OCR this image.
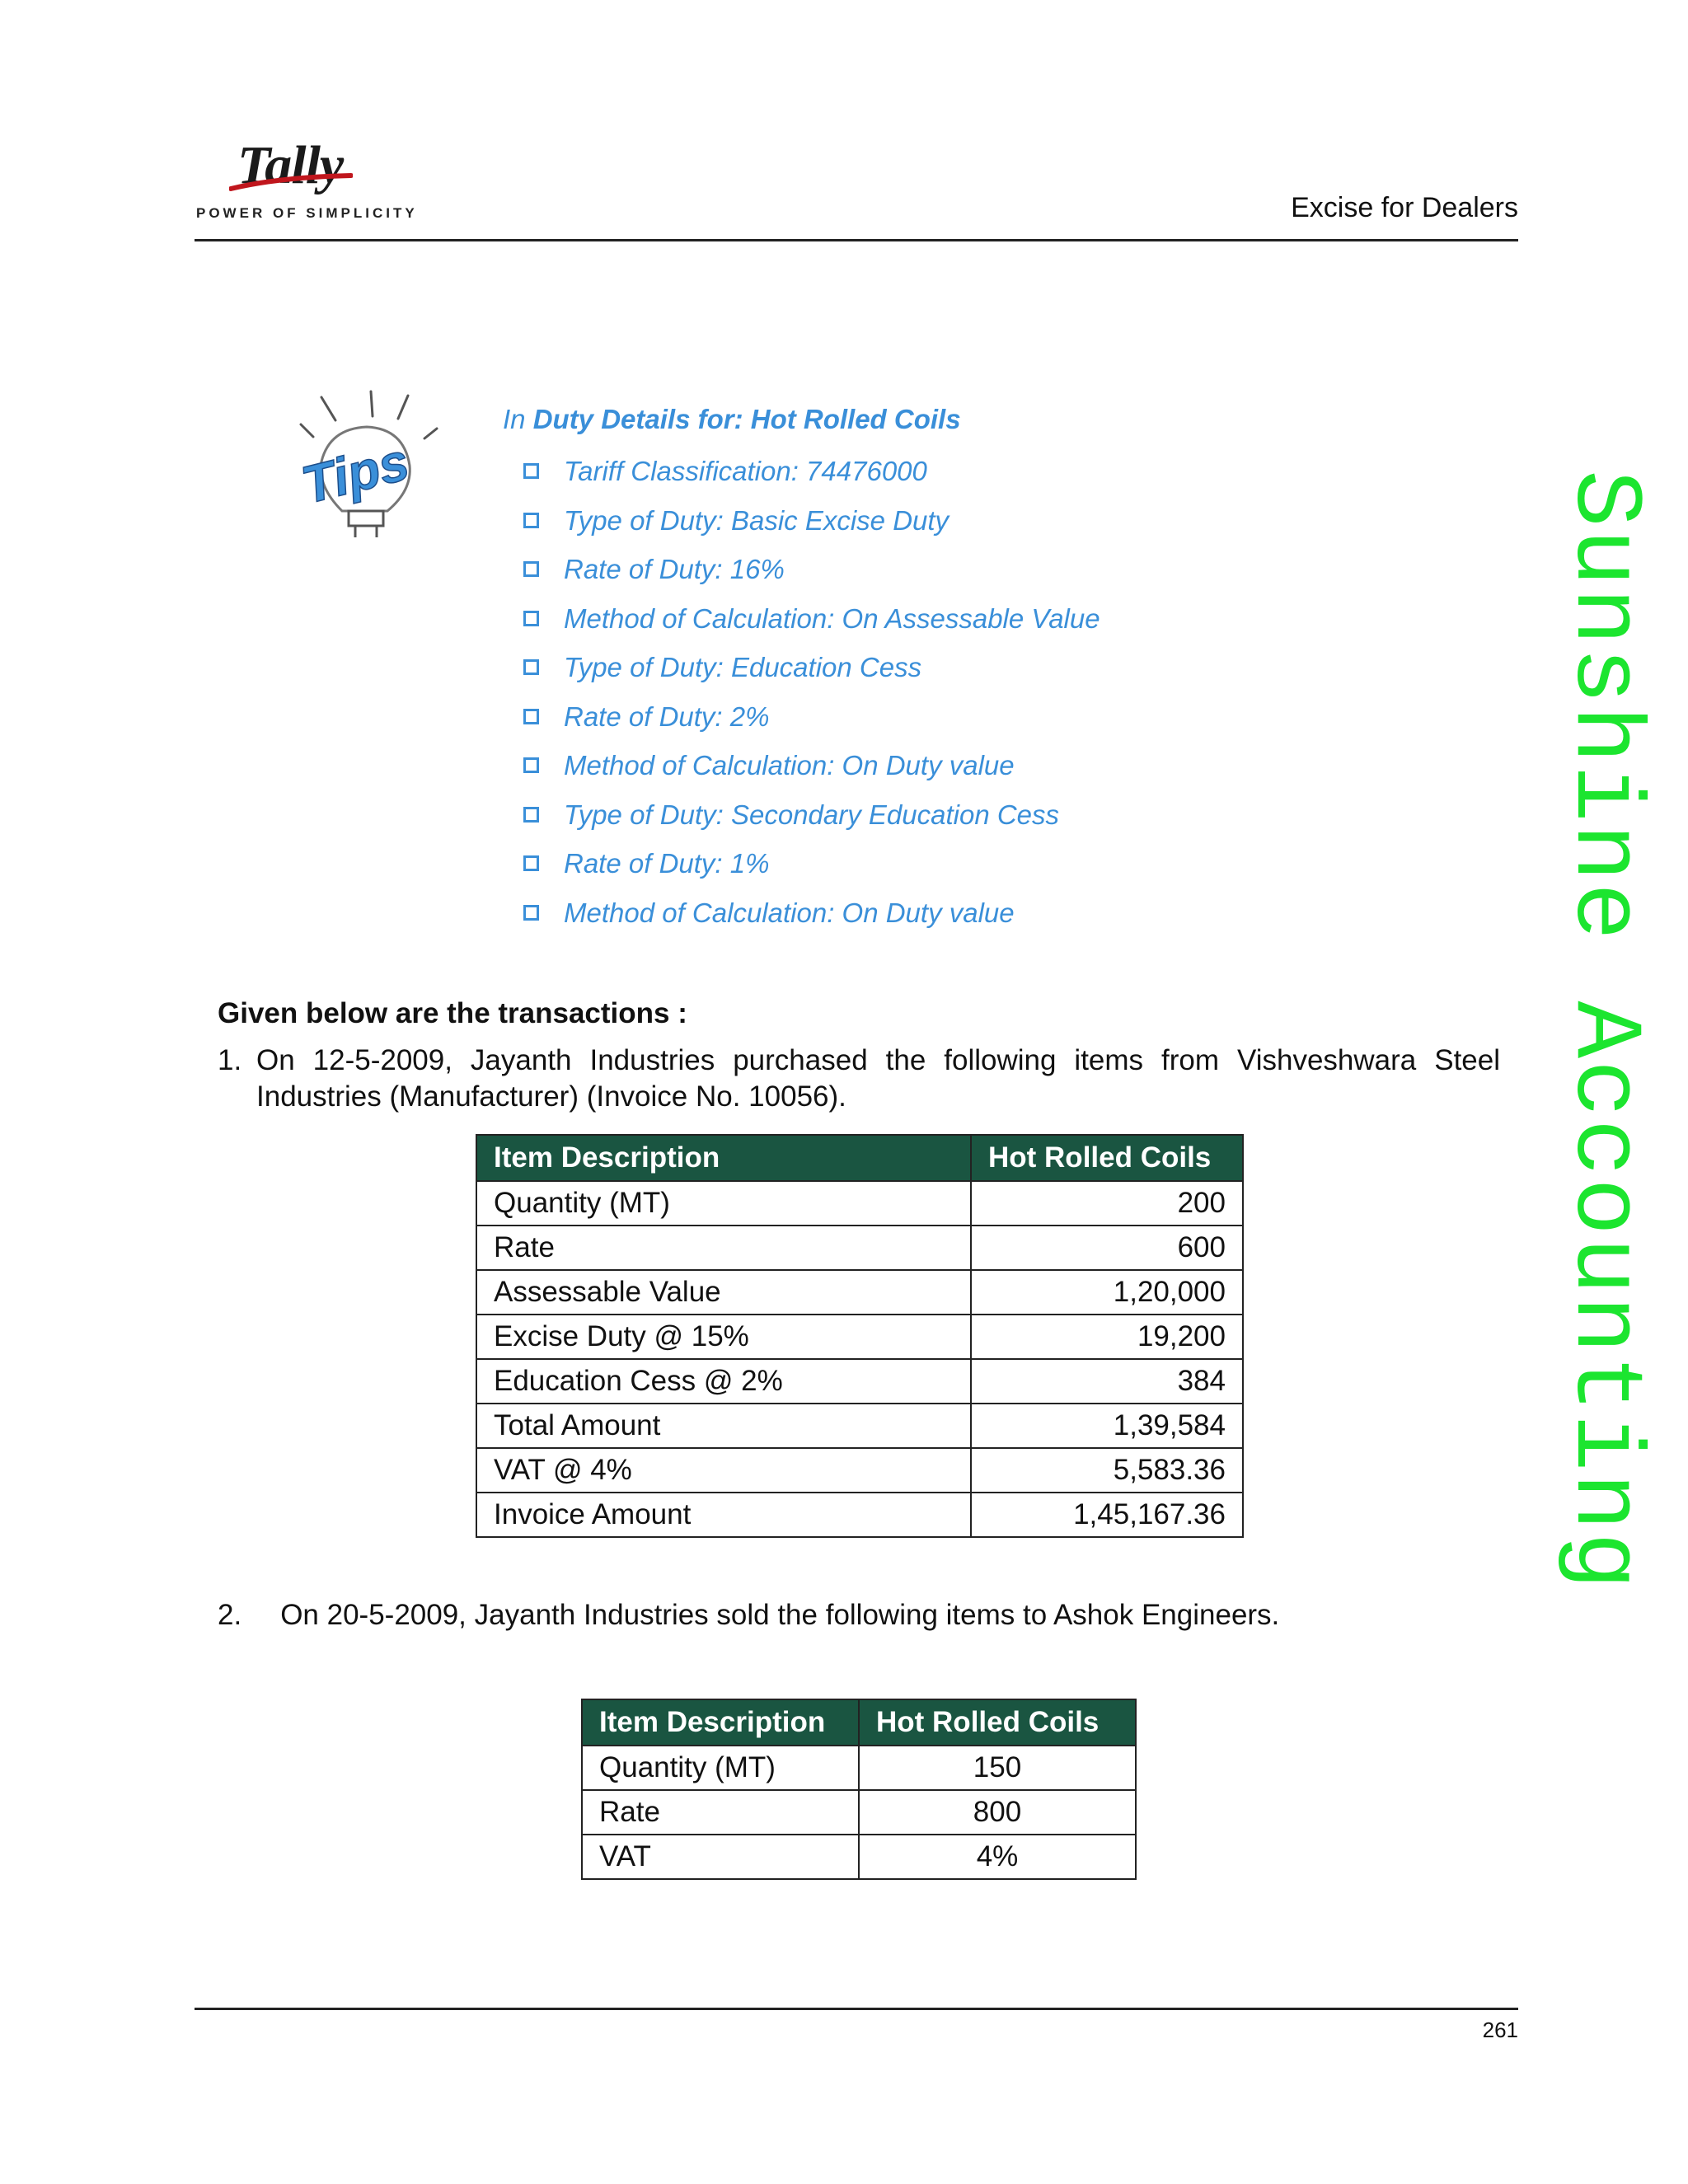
Tally
POWER OF SIMPLICITY	Excise for Dealers
Sunshine Accounting
Tips
In Duty Details for: Hot Rolled Coils
Tariff Classification: 74476000
Type of Duty: Basic Excise Duty
Rate of Duty: 16%
Method of Calculation: On Assessable Value
Type of Duty: Education Cess
Rate of Duty: 2%
Method of Calculation: On Duty value
Type of Duty: Secondary Education Cess
Rate of Duty: 1%
Method of Calculation: On Duty value
Given below are the transactions :
1. On 12-5-2009, Jayanth Industries purchased the following items from Vishveshwara Steel Industries (Manufacturer) (Invoice No. 10056).
Item Description	Hot Rolled Coils
Quantity (MT)	200
Rate	600
Assessable Value	1,20,000
Excise Duty @ 15%	19,200
Education Cess @ 2%	384
Total Amount	1,39,584
VAT @ 4%	5,583.36
Invoice Amount	1,45,167.36
2. On 20-5-2009, Jayanth Industries sold the following items to Ashok Engineers.
Item Description	Hot Rolled Coils
Quantity (MT)	150
Rate	800
VAT	4%
261
